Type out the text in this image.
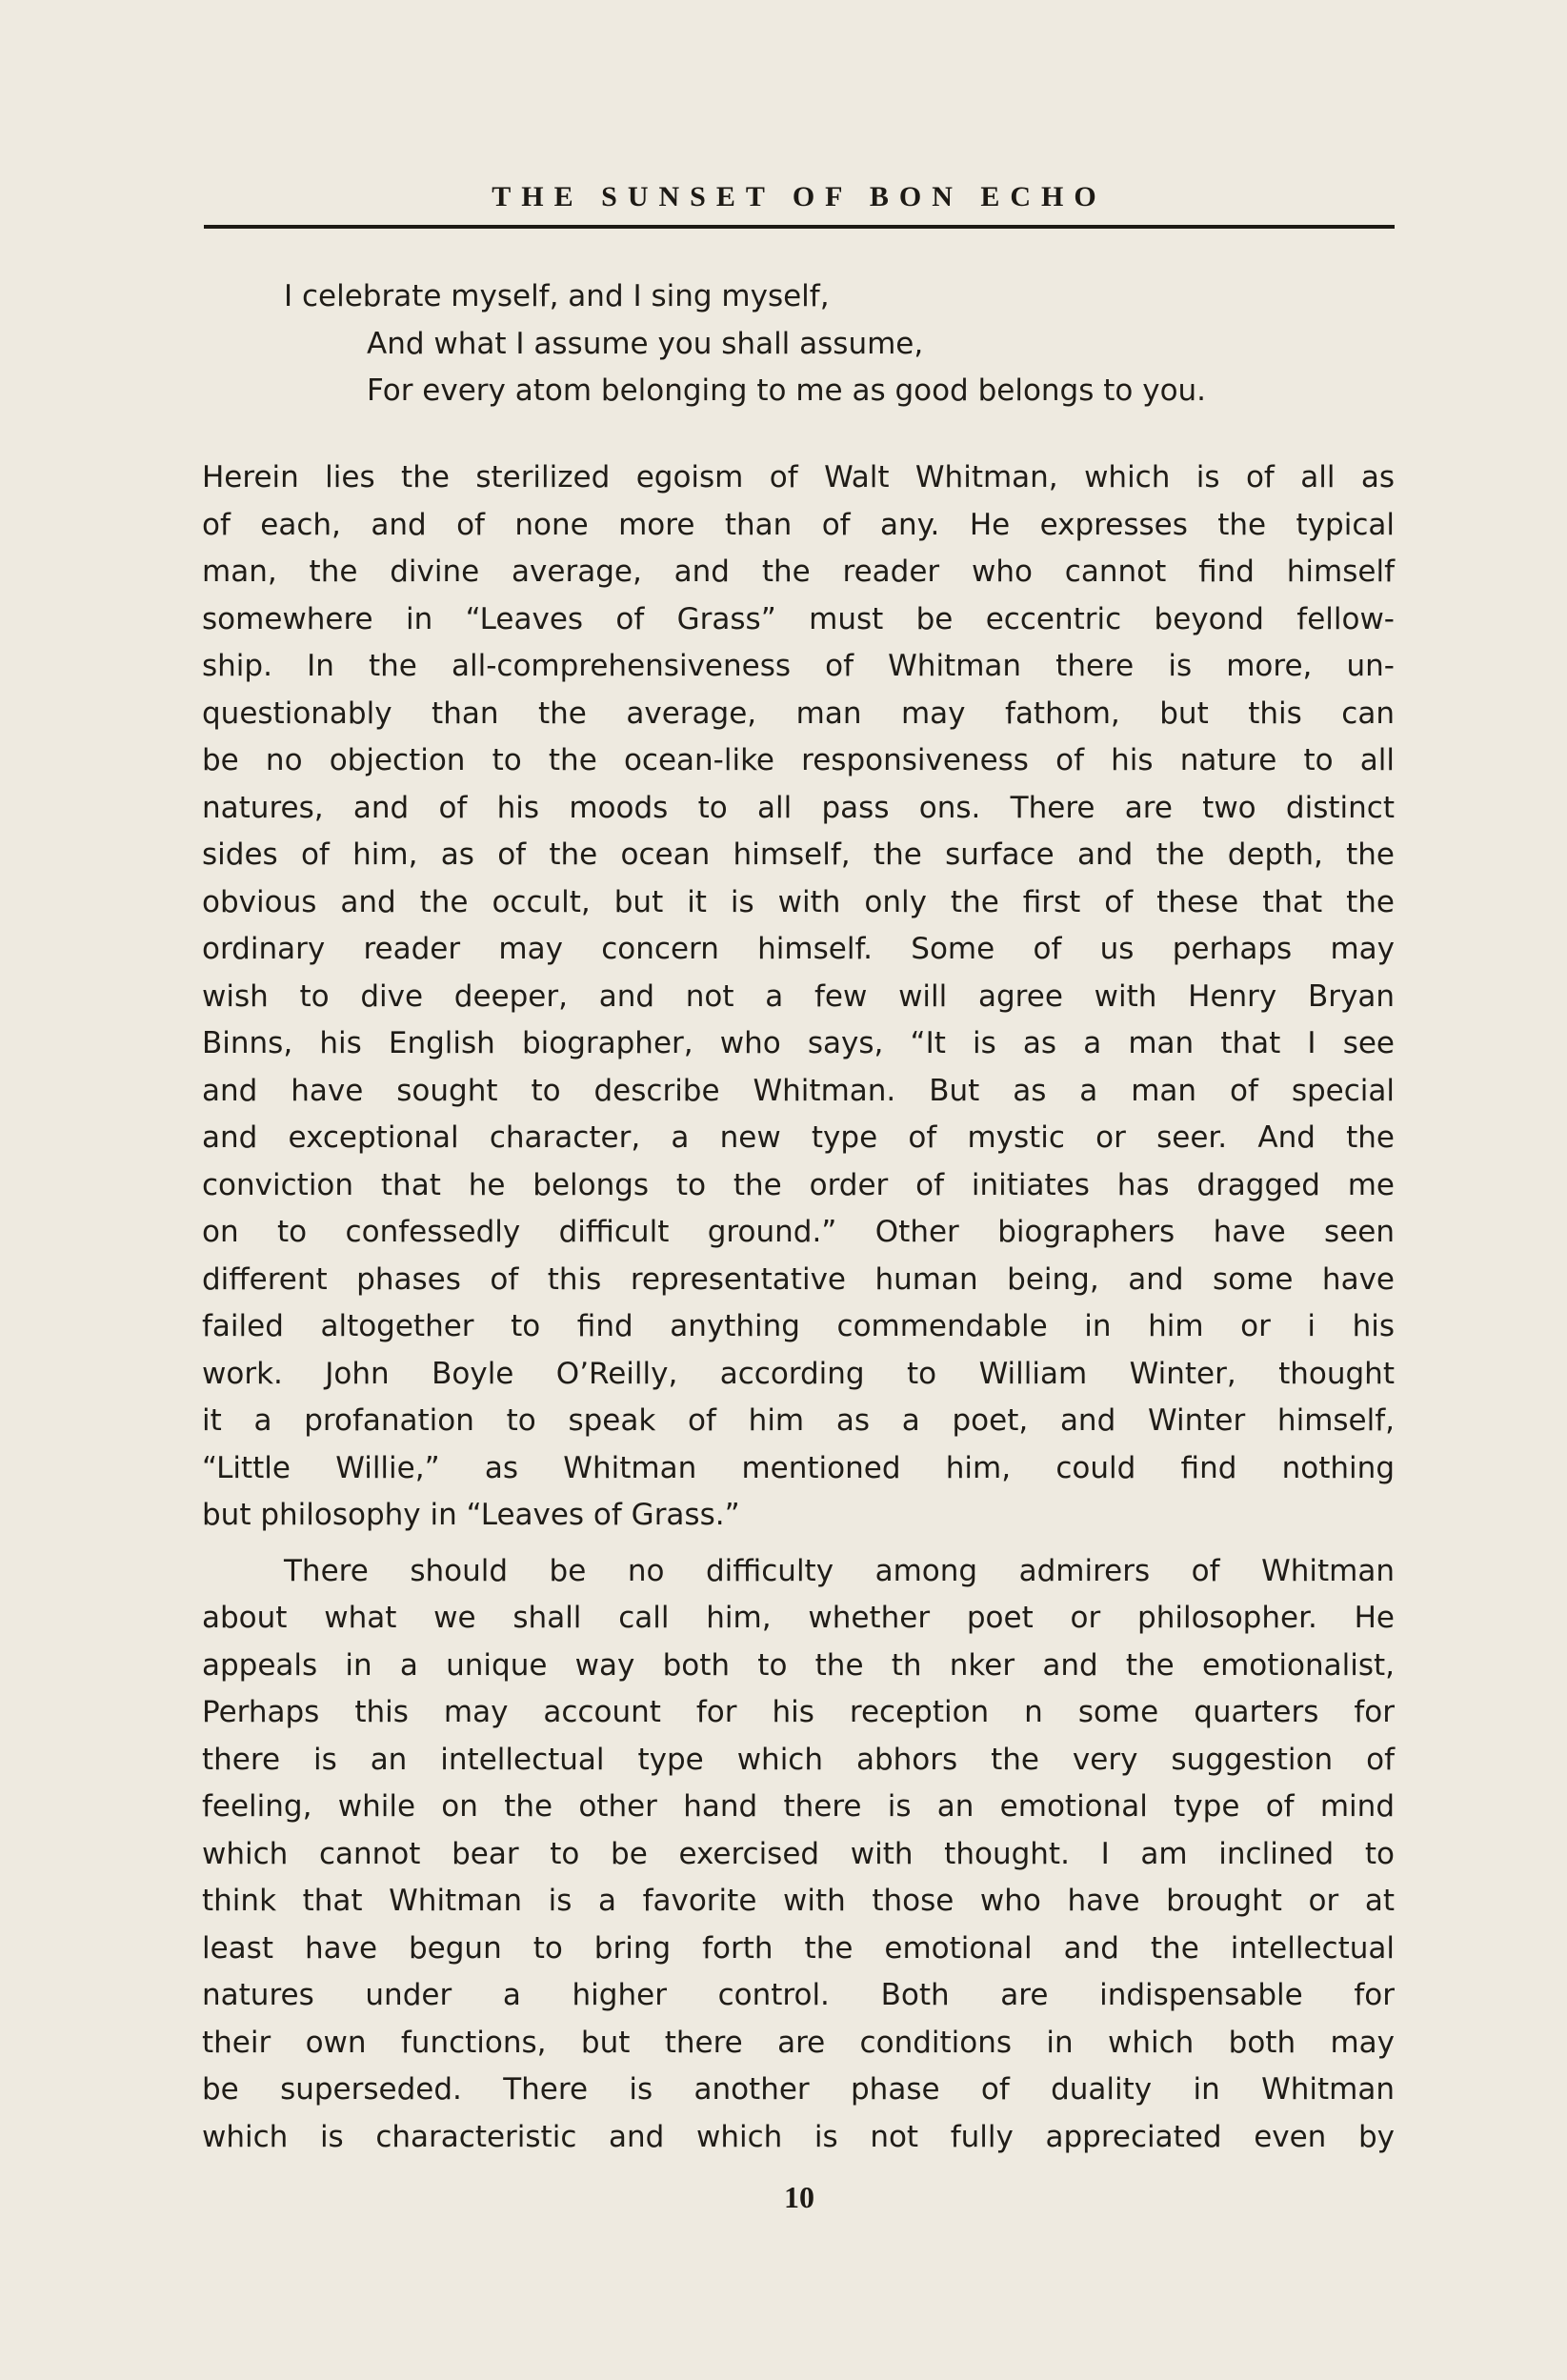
THE SUNSET OF BON ECHO
I celebrate myself, and I sing myself,
And what I assume you shall assume,
For every atom belonging to me as good belongs to you.
Herein lies the sterilized egoism of Walt Whitman, which is of all as
of each, and of none more than of any. He expresses the typical
man, the divine average, and the reader who cannot find himself
somewhere in “Leaves of Grass” must be eccentric beyond fellow-
ship. In the all-comprehensiveness of Whitman there is more, un-
questionably than the average, man may fathom, but this can
be no objection to the ocean-like responsiveness of his nature to all
natures, and of his moods to all pass ons. There are two distinct
sides of him, as of the ocean himself, the surface and the depth, the
obvious and the occult, but it is with only the first of these that the
ordinary reader may concern himself. Some of us perhaps may
wish to dive deeper, and not a few will agree with Henry Bryan
Binns, his English biographer, who says, “It is as a man that I see
and have sought to describe Whitman. But as a man of special
and exceptional character, a new type of mystic or seer. And the
conviction that he belongs to the order of initiates has dragged me
on to confessedly difficult ground.” Other biographers have seen
different phases of this representative human being, and some have
failed altogether to find anything commendable in him or i his
work. John Boyle O’Reilly, according to William Winter, thought
it a profanation to speak of him as a poet, and Winter himself,
“Little Willie,” as Whitman mentioned him, could find nothing
but philosophy in “Leaves of Grass.”
There should be no difficulty among admirers of Whitman
about what we shall call him, whether poet or philosopher. He
appeals in a unique way both to the th nker and the emotionalist,
Perhaps this may account for his reception n some quarters for
there is an intellectual type which abhors the very suggestion of
feeling, while on the other hand there is an emotional type of mind
which cannot bear to be exercised with thought. I am inclined to
think that Whitman is a favorite with those who have brought or at
least have begun to bring forth the emotional and the intellectual
natures under a higher control. Both are indispensable for
their own functions, but there are conditions in which both may
be superseded. There is another phase of duality in Whitman
which is characteristic and which is not fully appreciated even by
10
